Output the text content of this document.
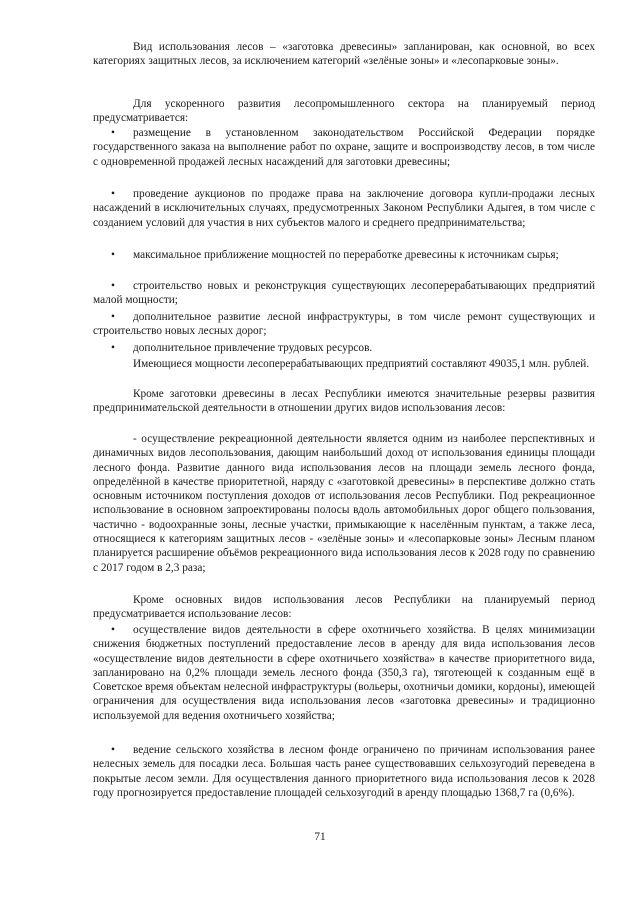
Вид использования лесов – «заготовка древесины» запланирован, как основной, во всех категориях защитных лесов, за исключением категорий «зелёные зоны» и «лесопарковые зоны».

Для ускоренного развития лесопромышленного сектора на планируемый период предусматривается:

• размещение в установленном законодательством Российской Федерации порядке государственного заказа на выполнение работ по охране, защите и воспроизводству лесов, в том числе с одновременной продажей лесных насаждений для заготовки древесины;

• проведение аукционов по продаже права на заключение договора купли-продажи лесных насаждений в исключительных случаях, предусмотренных Законом Республики Адыгея, в том числе с созданием условий для участия в них субъектов малого и среднего предпринимательства;

• максимальное приближение мощностей по переработке древесины к источникам сырья;

• строительство новых и реконструкция существующих лесоперерабатывающих предприятий малой мощности;

• дополнительное развитие лесной инфраструктуры, в том числе ремонт существующих и строительство новых лесных дорог;

• дополнительное привлечение трудовых ресурсов.

Имеющиеся мощности лесоперерабатывающих предприятий составляют 49035,1 млн. рублей.

Кроме заготовки древесины в лесах Республики имеются значительные резервы развития предпринимательской деятельности в отношении других видов использования лесов:

- осуществление рекреационной деятельности является одним из наиболее перспективных и динамичных видов лесопользования, дающим наибольший доход от использования единицы площади лесного фонда. Развитие данного вида использования лесов на площади земель лесного фонда, определённой в качестве приоритетной, наряду с «заготовкой древесины» в перспективе должно стать основным источником поступления доходов от использования лесов Республики. Под рекреационное использование в основном запроектированы полосы вдоль автомобильных дорог общего пользования, частично - водоохранные зоны, лесные участки, примыкающие к населённым пунктам, а также леса, относящиеся к категориям защитных лесов - «зелёные зоны» и «лесопарковые зоны» Лесным планом планируется расширение объёмов рекреационного вида использования лесов к 2028 году по сравнению с 2017 годом в 2,3 раза;

Кроме основных видов использования лесов Республики на планируемый период предусматривается использование лесов:

• осуществление видов деятельности в сфере охотничьего хозяйства. В целях минимизации снижения бюджетных поступлений предоставление лесов в аренду для вида использования лесов «осуществление видов деятельности в сфере охотничьего хозяйства» в качестве приоритетного вида, запланировано на 0,2% площади земель лесного фонда (350,3 га), тяготеющей к созданным ещё в Советское время объектам нелесной инфраструктуры (вольеры, охотничьи домики, кордоны), имеющей ограничения для осуществления вида использования лесов «заготовка древесины» и традиционно используемой для ведения охотничьего хозяйства;

• ведение сельского хозяйства в лесном фонде ограничено по причинам использования ранее нелесных земель для посадки леса. Большая часть ранее существовавших сельхозугодий переведена в покрытые лесом земли. Для осуществления данного приоритетного вида использования лесов к 2028 году прогнозируется предоставление площадей сельхозугодий в аренду площадью 1368,7 га (0,6%).

71
